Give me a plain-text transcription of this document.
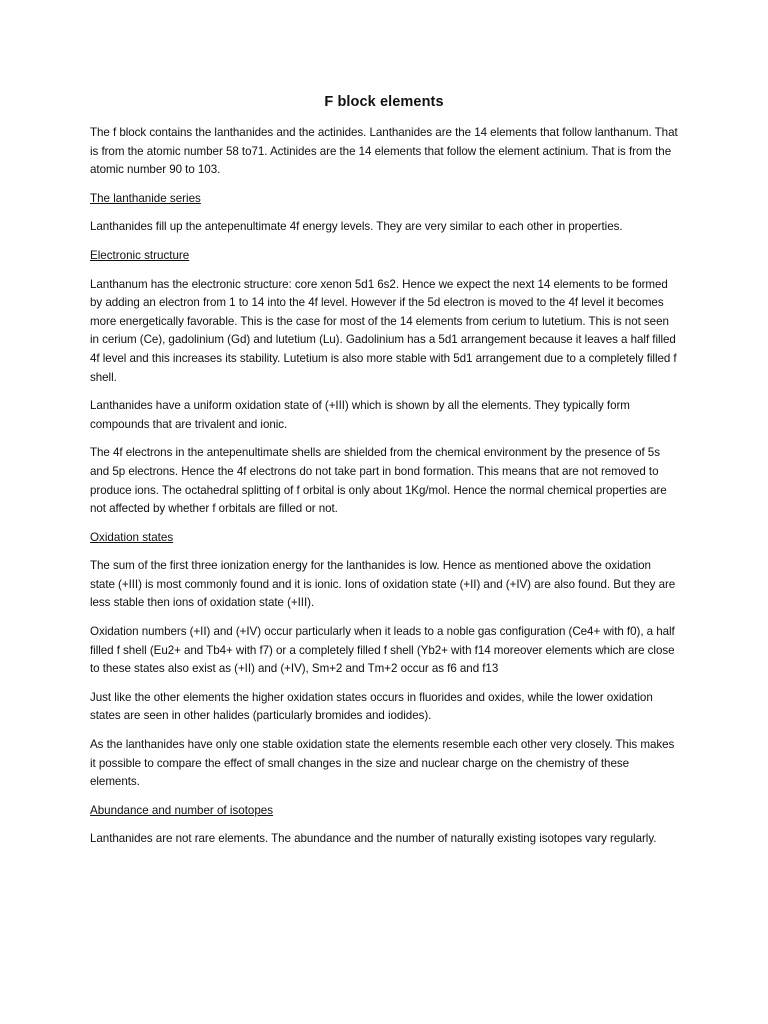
F block elements

The f block contains the lanthanides and the actinides. Lanthanides are the 14 elements that follow lanthanum. That is from the atomic number 58 to71. Actinides are the 14 elements that follow the element actinium. That is from the atomic number 90 to 103.

The lanthanide series

Lanthanides fill up the antepenultimate 4f energy levels. They are very similar to each other in properties.

Electronic structure

Lanthanum has the electronic structure: core xenon 5d1 6s2. Hence we expect the next 14 elements to be formed by adding an electron from 1 to 14 into the 4f level. However if the 5d electron is moved to the 4f level it becomes more energetically favorable. This is the case for most of the 14 elements from cerium to lutetium. This is not seen in cerium (Ce), gadolinium (Gd) and lutetium (Lu). Gadolinium has a 5d1 arrangement because it leaves a half filled 4f level and this increases its stability. Lutetium is also more stable with 5d1 arrangement due to a completely filled f shell.

Lanthanides have a uniform oxidation state of (+III) which is shown by all the elements. They typically form compounds that are trivalent and ionic.

The 4f electrons in the antepenultimate shells are shielded from the chemical environment by the presence of 5s and 5p electrons. Hence the 4f electrons do not take part in bond formation. This means that are not removed to produce ions. The octahedral splitting of f orbital is only about 1Kg/mol. Hence the normal chemical properties are not affected by whether f orbitals are filled or not.

Oxidation states

The sum of the first three ionization energy for the lanthanides is low. Hence as mentioned above the oxidation state (+III) is most commonly found and it is ionic. Ions of oxidation state (+II) and (+IV) are also found. But they are less stable then ions of oxidation state (+III).

Oxidation numbers (+II) and (+IV) occur particularly when it leads to a noble gas configuration (Ce4+ with f0), a half filled f shell (Eu2+ and Tb4+ with f7) or a completely filled f shell (Yb2+ with f14 moreover elements which are close to these states also exist as (+II) and (+IV), Sm+2 and Tm+2 occur as f6 and f13

Just like the other elements the higher oxidation states occurs in fluorides and oxides, while the lower oxidation states are seen in other halides (particularly bromides and iodides).

As the lanthanides have only one stable oxidation state the elements resemble each other very closely. This makes it possible to compare the effect of small changes in the size and nuclear charge on the chemistry of these elements.

Abundance and number of isotopes

Lanthanides are not rare elements. The abundance and the number of naturally existing isotopes vary regularly.
